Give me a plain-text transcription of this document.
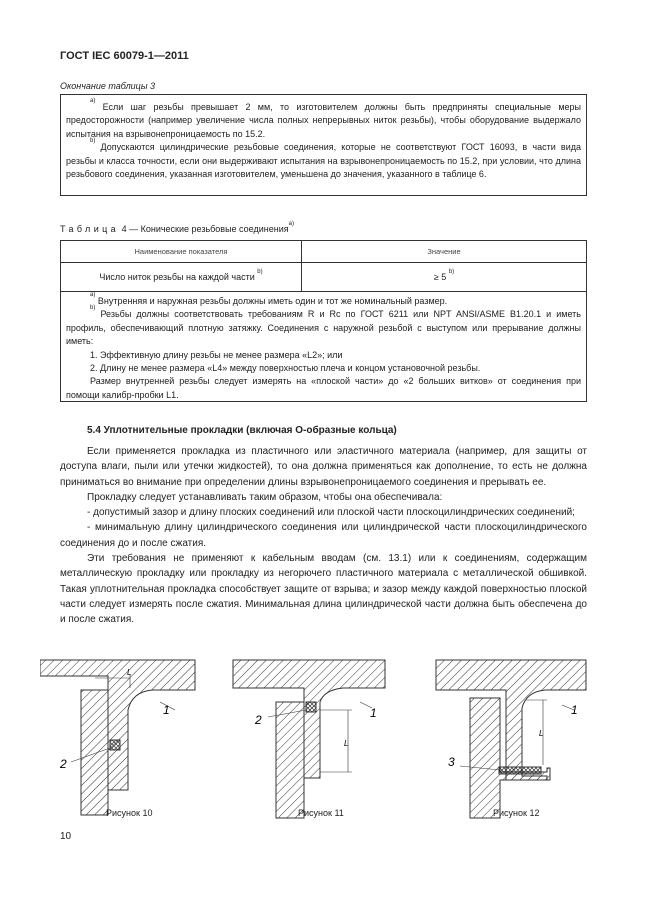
ГОСТ IEC 60079-1—2011
Окончание таблицы 3

$^{a)}$ Если шаг резьбы превышает 2 мм, то изготовителем должны быть предприняты специальные меры предосторожности (например увеличение числа полных непрерывных ниток резьбы), чтобы оборудование выдержало испытания на взрывонепроницаемость по 15.2.

$^{b)}$ Допускаются цилиндрические резьбовые соединения, которые не соответствуют ГОСТ 16093, в части вида резьбы и класса точности, если они выдерживают испытания на взрывонепроницаемость по 15.2, при условии, что длина резьбового соединения, указанная изготовителем, уменьшена до значения, указанного в таблице 6.

Таблица 4 — Конические резьбовые соединения$^{a)}$
Наименование показателя	Значение
Число ниток резьбы на каждой части $^{b)}$	≥ 5 $^{b)}$

$^{a)}$ Внутренняя и наружная резьбы должны иметь один и тот же номинальный размер.

$^{b)}$ Резьбы должны соответствовать требованиям R и Rc по ГОСТ 6211 или NPT ANSI/ASME B1.20.1 и иметь профиль, обеспечивающий плотную затяжку. Соединения с наружной резьбой с выступом или прерывание должны иметь:

1. Эффективную длину резьбы не менее размера «L2»; или

2. Длину не менее размера «L4» между поверхностью плеча и концом установочной резьбы.

Размер внутренней резьбы следует измерять на «плоской части» до «2 больших витков» от соединения при помощи калибр-пробки L1.

5.4 Уплотнительные прокладки (включая О-образные кольца)

Если применяется прокладка из пластичного или эластичного материала (например, для защиты от доступа влаги, пыли или утечки жидкостей), то она должна применяться как дополнение, то есть не должна приниматься во внимание при определении длины взрывонепроницаемого соединения и прерывать ее.

Прокладку следует устанавливать таким образом, чтобы она обеспечивала:

- допустимый зазор и длину плоских соединений или плоской части плоскоцилиндрических соединений;

- минимальную длину цилиндрического соединения или цилиндрической части плоскоцилиндрического соединения до и после сжатия.

Эти требования не применяют к кабельным вводам (см. 13.1) или к соединениям, содержащим металлическую прокладку или прокладку из негорючего пластичного материала с металлической обшивкой. Такая уплотнительная прокладка способствует защите от взрыва; и зазор между каждой поверхностью плоской части следует измерять после сжатия. Минимальная длина цилиндрической части должна быть обеспечена до и после сжатия.

1
2
L
1
2
L
1
3
L
Рисунок 10	Рисунок 11	Рисунок 12
10
